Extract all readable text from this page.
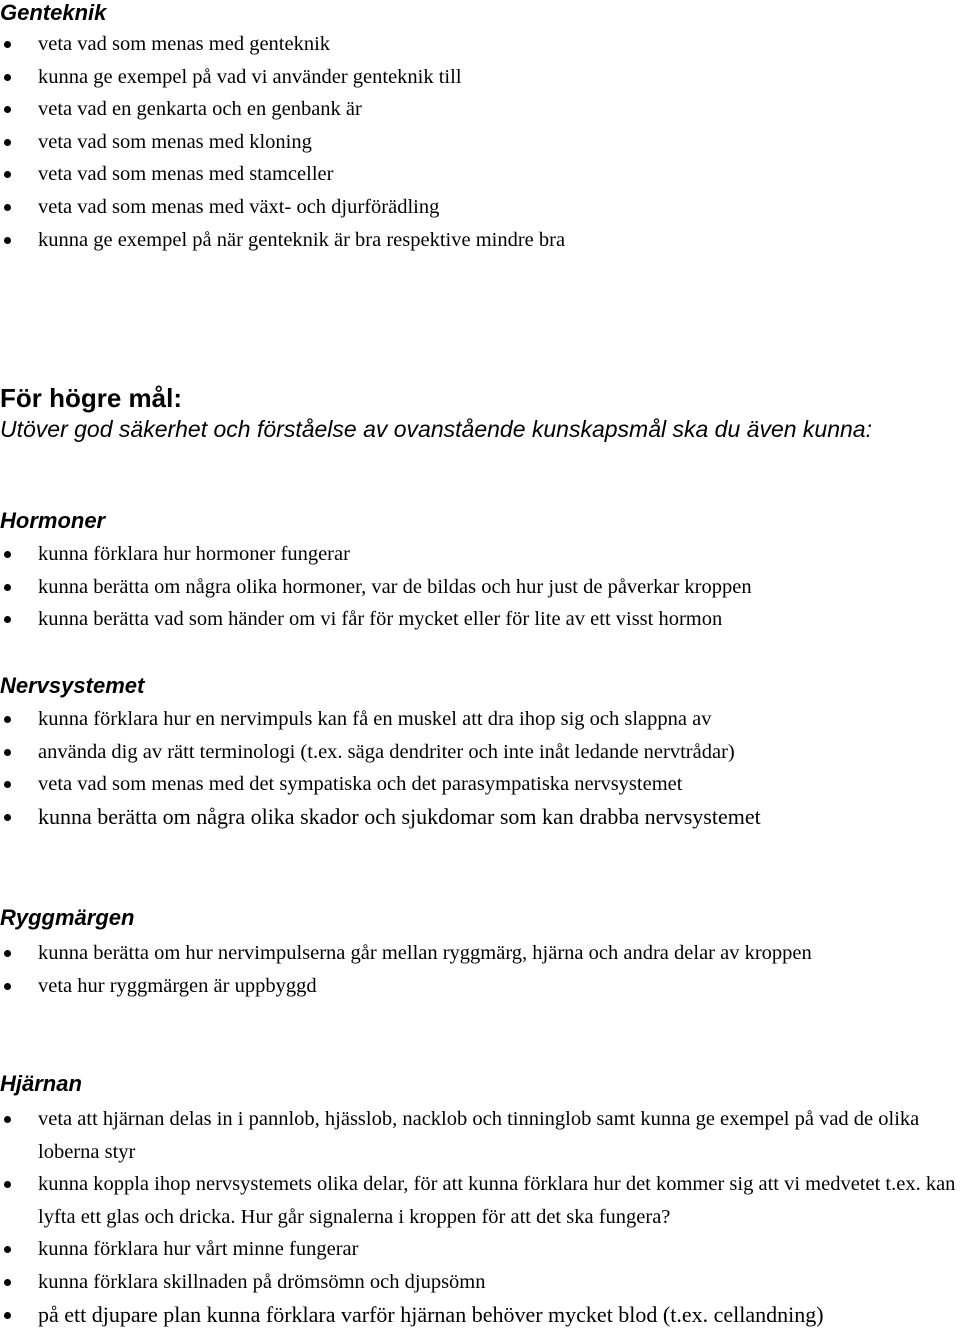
Genteknik
veta vad som menas med genteknik
kunna ge exempel på vad vi använder genteknik till
veta vad en genkarta och en genbank är
veta vad som menas med kloning
veta vad som menas med stamceller
veta vad som menas med växt- och djurförädling
kunna ge exempel på när genteknik är bra respektive mindre bra
För högre mål:

Utöver god säkerhet och förståelse av ovanstående kunskapsmål ska du även kunna:

Hormoner
kunna förklara hur hormoner fungerar
kunna berätta om några olika hormoner, var de bildas och hur just de påverkar kroppen
kunna berätta vad som händer om vi får för mycket eller för lite av ett visst hormon
Nervsystemet
kunna förklara hur en nervimpuls kan få en muskel att dra ihop sig och slappna av
använda dig av rätt terminologi (t.ex. säga dendriter och inte inåt ledande nervtrådar)
veta vad som menas med det sympatiska och det parasympatiska nervsystemet
kunna berätta om några olika skador och sjukdomar som kan drabba nervsystemet
Ryggmärgen
kunna berätta om hur nervimpulserna går mellan ryggmärg, hjärna och andra delar av kroppen
veta hur ryggmärgen är uppbyggd
Hjärnan
veta att hjärnan delas in i pannlob, hjässlob, nacklob och tinninglob samt kunna ge exempel på vad de olika loberna styr
kunna koppla ihop nervsystemets olika delar, för att kunna förklara hur det kommer sig att vi medvetet t.ex. kan lyfta ett glas och dricka. Hur går signalerna i kroppen för att det ska fungera?
kunna förklara hur vårt minne fungerar
kunna förklara skillnaden på drömsömn och djupsömn
på ett djupare plan kunna förklara varför hjärnan behöver mycket blod (t.ex. cellandning)
